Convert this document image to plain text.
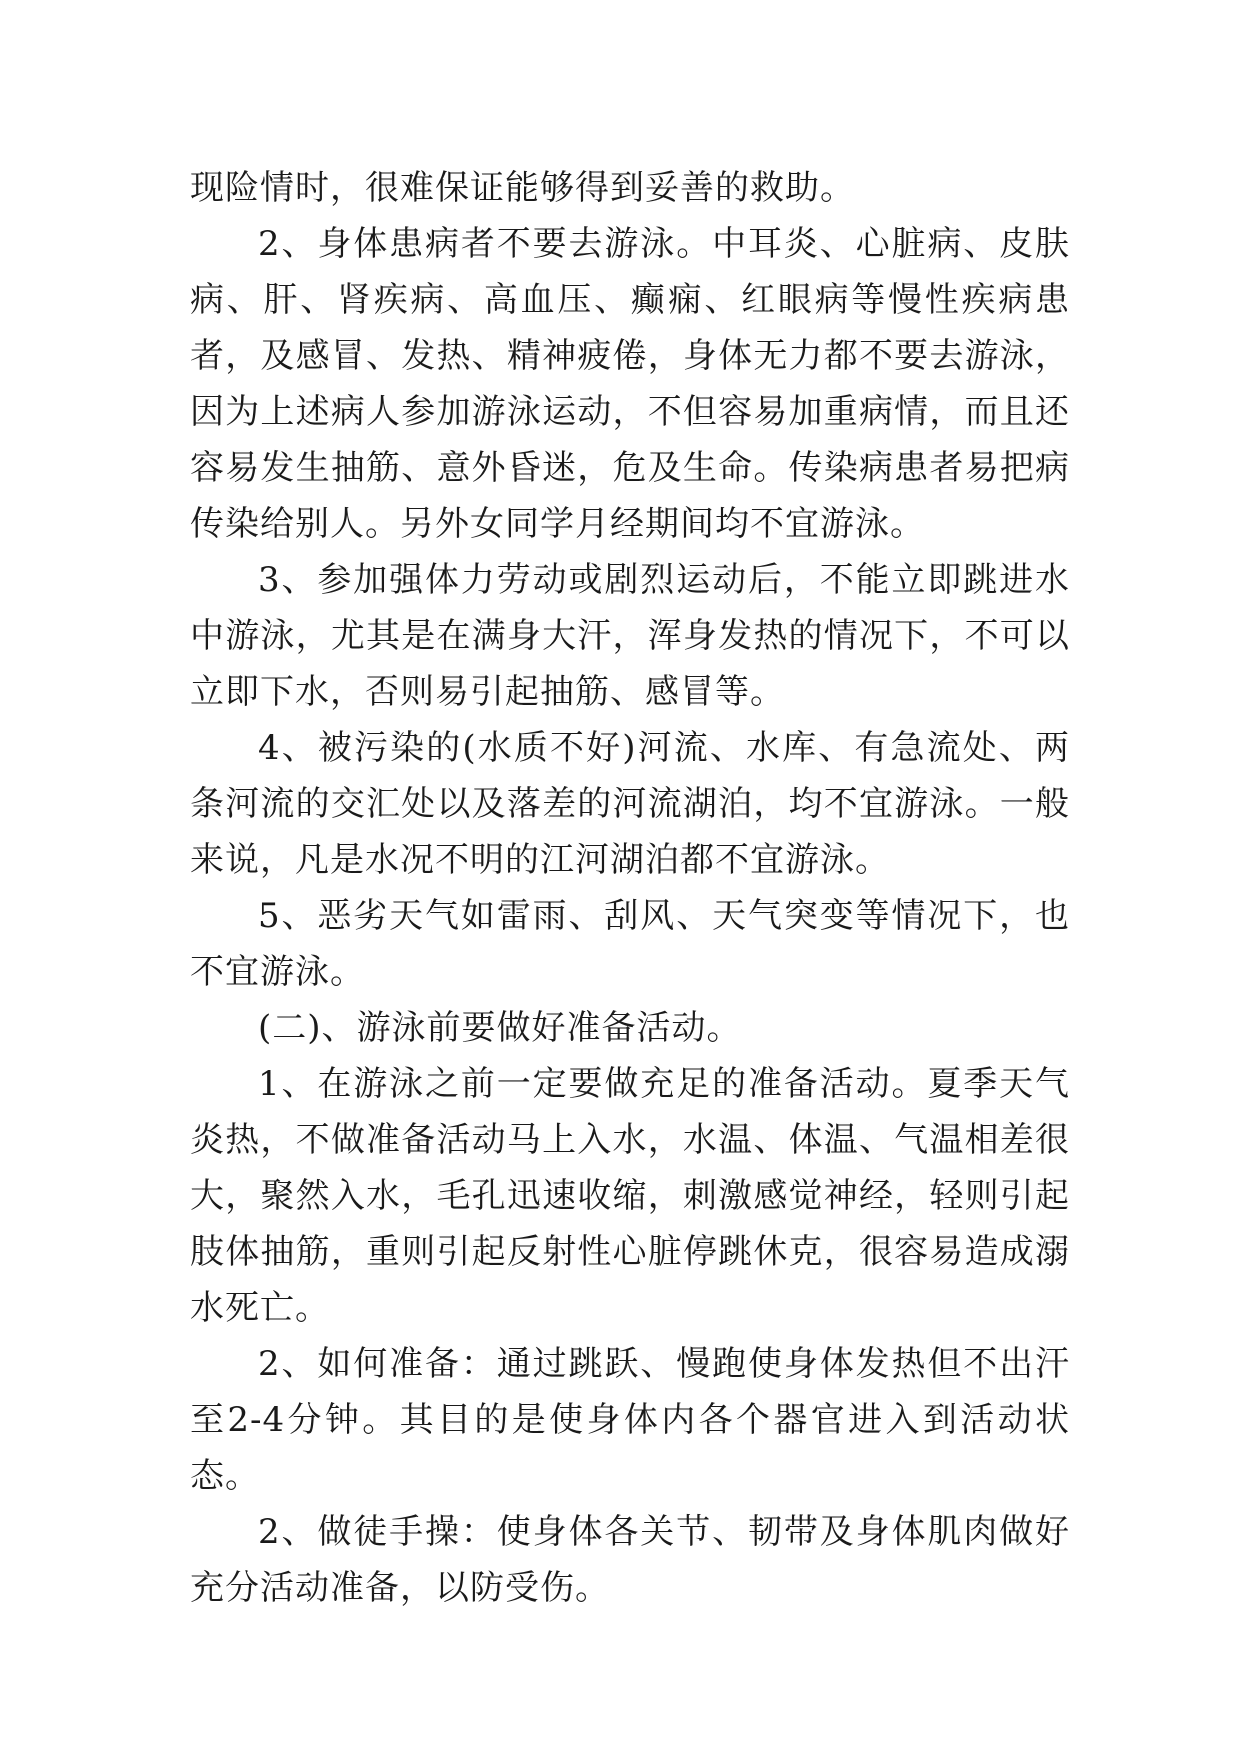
现险情时，很难保证能够得到妥善的救助。

2、身体患病者不要去游泳。中耳炎、心脏病、皮肤病、肝、肾疾病、高血压、癫痫、红眼病等慢性疾病患者，及感冒、发热、精神疲倦，身体无力都不要去游泳，因为上述病人参加游泳运动，不但容易加重病情，而且还容易发生抽筋、意外昏迷，危及生命。传染病患者易把病传染给别人。另外女同学月经期间均不宜游泳。

3、参加强体力劳动或剧烈运动后，不能立即跳进水中游泳，尤其是在满身大汗，浑身发热的情况下，不可以立即下水，否则易引起抽筋、感冒等。

4、被污染的(水质不好)河流、水库、有急流处、两条河流的交汇处以及落差的河流湖泊，均不宜游泳。一般来说，凡是水况不明的江河湖泊都不宜游泳。

5、恶劣天气如雷雨、刮风、天气突变等情况下，也不宜游泳。

(二)、游泳前要做好准备活动。

1、在游泳之前一定要做充足的准备活动。夏季天气炎热，不做准备活动马上入水，水温、体温、气温相差很大，聚然入水，毛孔迅速收缩，刺激感觉神经，轻则引起肢体抽筋，重则引起反射性心脏停跳休克，很容易造成溺水死亡。

2、如何准备：通过跳跃、慢跑使身体发热但不出汗至2-4分钟。其目的是使身体内各个器官进入到活动状态。

2、做徒手操：使身体各关节、韧带及身体肌肉做好充分活动准备，以防受伤。
